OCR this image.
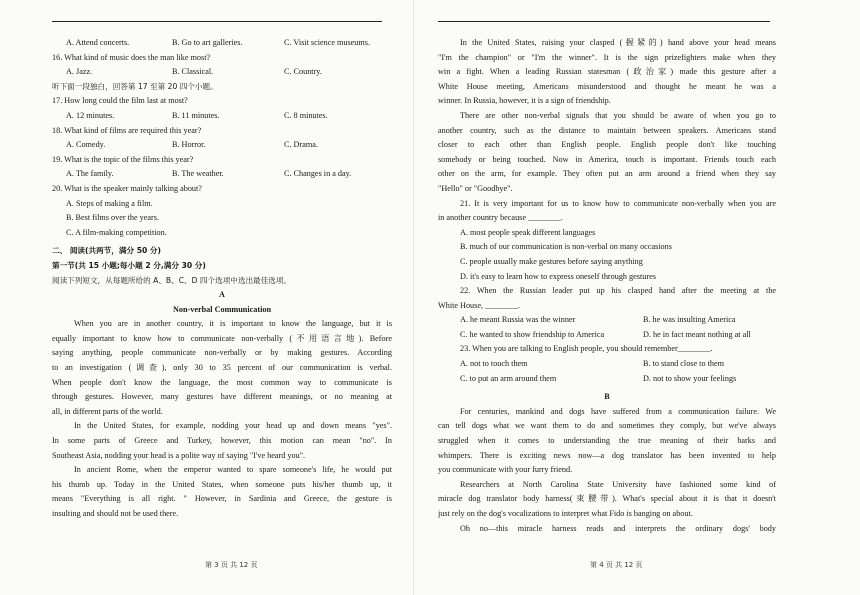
A. Attend concerts.	B. Go to art galleries.	C. Visit science museums.
16. What kind of music does the man like most?
A. Jazz.	B. Classical.	C. Country.
听下面一段独白，回答第 17 至第 20 四个小题。
17. How long could the film last at most?
A. 12 minutes.	B. 11 minutes.	C. 8 minutes.
18. What kind of films are required this year?
A. Comedy.	B. Horror.	C. Drama.
19. What is the topic of the films this year?
A. The family.	B. The weather.	C. Changes in a day.
20. What is the speaker mainly talking about?
A. Steps of making a film.
B. Best films over the years.
C. A film-making competition.
二、 阅读(共两节，满分 50 分)
第一节(共 15 小题;每小题 2 分,满分 30 分)
阅读下列短文，从每题所给的 A、B、C、D 四个选项中选出最佳选项。
A
Non-verbal Communication
When you are in another country, it is important to know the language, but it is
equally important to know how to communicate non-verbally (不用语言地). Before
saying anything, people communicate non-verbally or by making gestures. According
to an investigation (调查), only 30 to 35 percent of our communication is verbal.
When people don't know the language, the most common way to communicate is
through gestures. However, many gestures have different meanings, or no meaning at
all, in different parts of the world.
In the United States, for example, nodding your head up and down means "yes".
In some parts of Greece and Turkey, however, this motion can mean "no". In
Southeast Asia, nodding your head is a polite way of saying "I've heard you".
In ancient Rome, when the emperor wanted to spare someone's life, he would put
his thumb up. Today in the United States, when someone puts his/her thumb up, it
means "Everything is all right. " However, in Sardinia and Greece, the gesture is
insulting and should not be used there.
第 3 页 共 12 页
In the United States, raising your clasped (握紧的) hand above your head means
"I'm the champion" or "I'm the winner". It is the sign prizefighters make when they
win a fight. When a leading Russian statesman (政治家) made this gesture after a
White House meeting, Americans misunderstood and thought he meant he was a
winner. In Russia, however, it is a sign of friendship.
There are other non-verbal signals that you should be aware of when you go to
another country, such as the distance to maintain between speakers. Americans stand
closer to each other than English people. English people don't like touching
somebody or being touched. Now in America, touch is important. Friends touch each
other on the arm, for example. They often put an arm around a friend when they say
"Hello" or "Goodbye".
21. It is very important for us to know how to communicate non-verbally when you are
in another country because ________.
A. most people speak different languages
B. much of our communication is non-verbal on many occasions
C. people usually make gestures before saying anything
D. it's easy to learn how to express oneself through gestures
22. When the Russian leader put up his clasped hand after the meeting at the
White House, ________.
A. he meant Russia was the winner	B. he was insulting America
C. he wanted to show friendship to America	D. he in fact meant nothing at all
23. When you are talking to English people, you should remember________.
A. not to touch them	B. to stand close to them
C. to put an arm around them	D. not to show your feelings
B
For centuries, mankind and dogs have suffered from a communication failure. We
can tell dogs what we want them to do and sometimes they comply, but we've always
struggled when it comes to understanding the true meaning of their barks and
whimpers. There is exciting news now—a dog translator has been invented to help
you communicate with your furry friend.
Researchers at North Carolina State University have fashioned some kind of
miracle dog translator body harness(束腰带). What's special about it is that it doesn't
just rely on the dog's vocalizations to interpret what Fido is banging on about.
Oh no—this miracle harness reads and interprets the ordinary dogs' body
第 4 页 共 12 页
